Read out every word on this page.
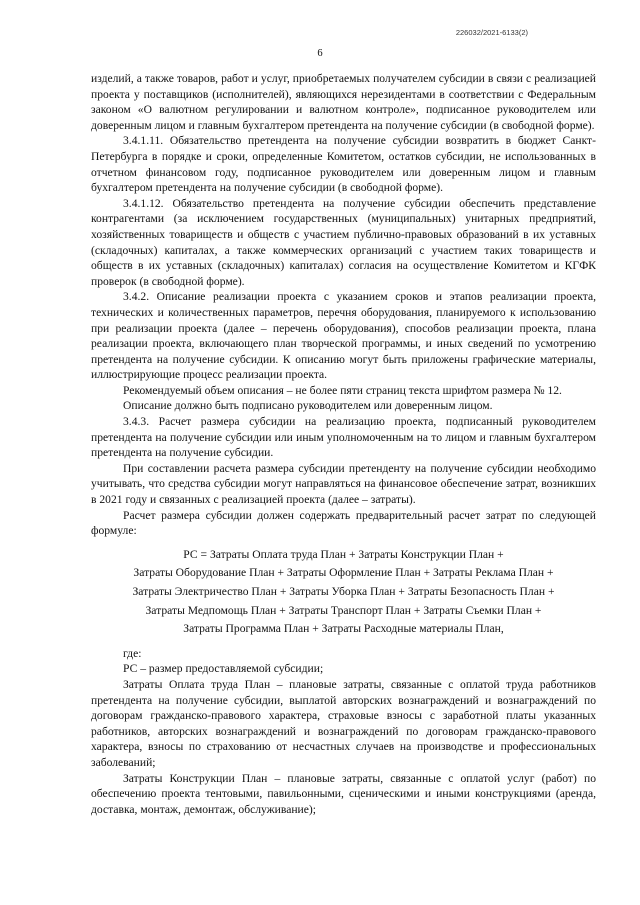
226032/2021-6133(2)
6

изделий, а также товаров, работ и услуг, приобретаемых получателем субсидии в связи с реализацией проекта у поставщиков (исполнителей), являющихся нерезидентами в соответствии с Федеральным законом «О валютном регулировании и валютном контроле», подписанное руководителем или доверенным лицом и главным бухгалтером претендента на получение субсидии (в свободной форме).

3.4.1.11. Обязательство претендента на получение субсидии возвратить в бюджет Санкт-Петербурга в порядке и сроки, определенные Комитетом, остатков субсидии, не использованных в отчетном финансовом году, подписанное руководителем или доверенным лицом и главным бухгалтером претендента на получение субсидии (в свободной форме).

3.4.1.12. Обязательство претендента на получение субсидии обеспечить представление контрагентами (за исключением государственных (муниципальных) унитарных предприятий, хозяйственных товариществ и обществ с участием публично-правовых образований в их уставных (складочных) капиталах, а также коммерческих организаций с участием таких товариществ и обществ в их уставных (складочных) капиталах) согласия на осуществление Комитетом и КГФК проверок (в свободной форме).

3.4.2. Описание реализации проекта с указанием сроков и этапов реализации проекта, технических и количественных параметров, перечня оборудования, планируемого к использованию при реализации проекта (далее – перечень оборудования), способов реализации проекта, плана реализации проекта, включающего план творческой программы, и иных сведений по усмотрению претендента на получение субсидии. К описанию могут быть приложены графические материалы, иллюстрирующие процесс реализации проекта.

Рекомендуемый объем описания – не более пяти страниц текста шрифтом размера № 12.

Описание должно быть подписано руководителем или доверенным лицом.

3.4.3. Расчет размера субсидии на реализацию проекта, подписанный руководителем претендента на получение субсидии или иным уполномоченным на то лицом и главным бухгалтером претендента на получение субсидии.

При составлении расчета размера субсидии претенденту на получение субсидии необходимо учитывать, что средства субсидии могут направляться на финансовое обеспечение затрат, возникших в 2021 году и связанных с реализацией проекта (далее – затраты).

Расчет размера субсидии должен содержать предварительный расчет затрат по следующей формуле:

РС = Затраты Оплата труда План + Затраты Конструкции План +
Затраты Оборудование План + Затраты Оформление План + Затраты Реклама План +
Затраты Электричество План + Затраты Уборка План + Затраты Безопасность План +
Затраты Медпомощь План + Затраты Транспорт План + Затраты Съемки План +
Затраты Программа План + Затраты Расходные материалы План,

где:

РС – размер предоставляемой субсидии;

Затраты Оплата труда План – плановые затраты, связанные с оплатой труда работников претендента на получение субсидии, выплатой авторских вознаграждений и вознаграждений по договорам гражданско-правового характера, страховые взносы с заработной платы указанных работников, авторских вознаграждений и вознаграждений по договорам гражданско-правового характера, взносы по страхованию от несчастных случаев на производстве и профессиональных заболеваний;

Затраты Конструкции План – плановые затраты, связанные с оплатой услуг (работ) по обеспечению проекта тентовыми, павильонными, сценическими и иными конструкциями (аренда, доставка, монтаж, демонтаж, обслуживание);
